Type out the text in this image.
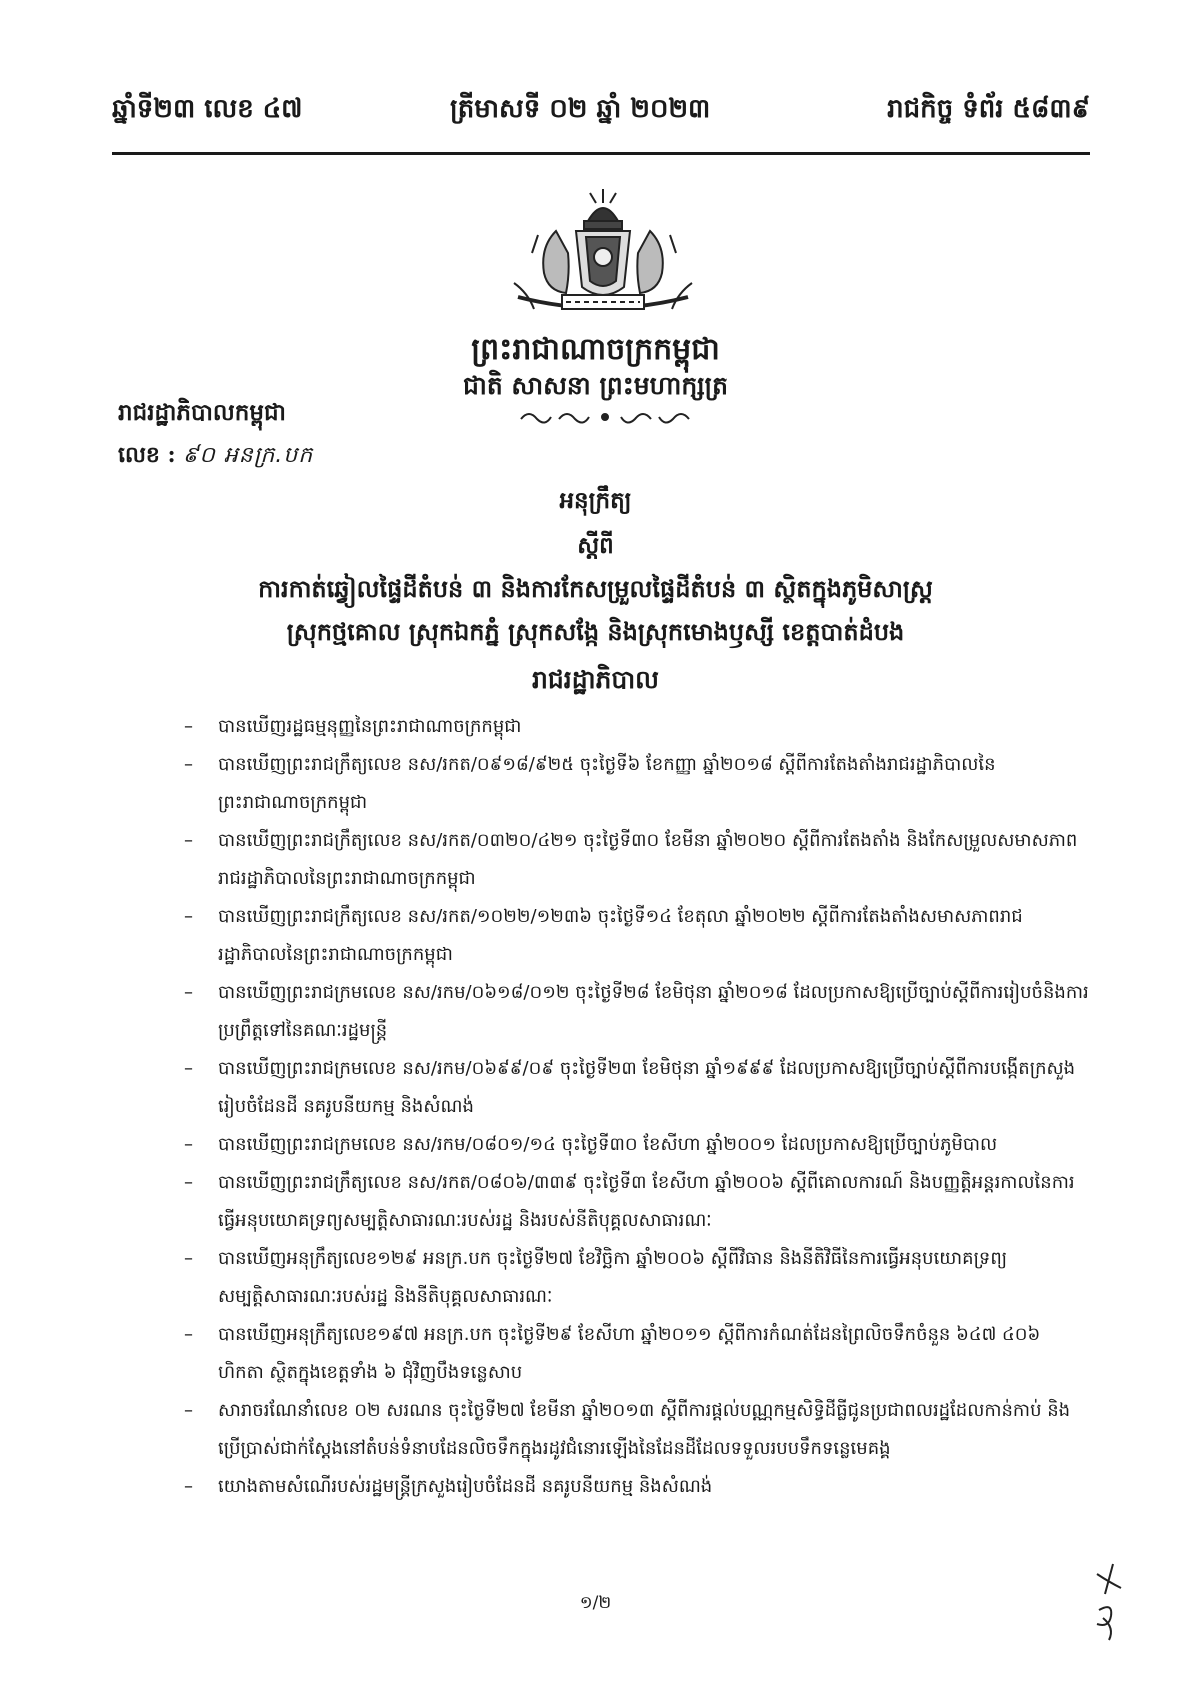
ឆ្នាំទី២៣ លេខ ៤៧	ត្រីមាសទី ០២ ឆ្នាំ ២០២៣	រាជកិច្ច ទំព័រ ៥៨៣៩
ព្រះរាជាណាចក្រកម្ពុជា
ជាតិ សាសនា ព្រះមហាក្សត្រ
រាជរដ្ឋាភិបាលកម្ពុជា
លេខ : ៩០ អនក្រ.បក
អនុក្រឹត្យ
ស្តីពី
ការកាត់ឆ្វៀលផ្ទៃដីតំបន់ ៣ និងការកែសម្រួលផ្ទៃដីតំបន់ ៣ ស្ថិតក្នុងភូមិសាស្ត្រ
ស្រុកថ្មគោល ស្រុកឯកភ្នំ ស្រុកសង្កែ និងស្រុកមោងឫស្សី ខេត្តបាត់ដំបង
រាជរដ្ឋាភិបាល
– បានឃើញរដ្ឋធម្មនុញ្ញនៃព្រះរាជាណាចក្រកម្ពុជា
– បានឃើញព្រះរាជក្រឹត្យលេខ នស/រកត/០៩១៨/៩២៥ ចុះថ្ងៃទី៦ ខែកញ្ញា ឆ្នាំ២០១៨ ស្តីពីការតែងតាំងរាជរដ្ឋាភិបាលនៃព្រះរាជាណាចក្រកម្ពុជា
– បានឃើញព្រះរាជក្រឹត្យលេខ នស/រកត/០៣២០/៤២១ ចុះថ្ងៃទី៣០ ខែមីនា ឆ្នាំ២០២០ ស្តីពីការតែងតាំង និងកែសម្រួលសមាសភាពរាជរដ្ឋាភិបាលនៃព្រះរាជាណាចក្រកម្ពុជា
– បានឃើញព្រះរាជក្រឹត្យលេខ នស/រកត/១០២២/១២៣៦ ចុះថ្ងៃទី១៤ ខែតុលា ឆ្នាំ២០២២ ស្តីពីការតែងតាំងសមាសភាពរាជរដ្ឋាភិបាលនៃព្រះរាជាណាចក្រកម្ពុជា
– បានឃើញព្រះរាជក្រមលេខ នស/រកម/០៦១៨/០១២ ចុះថ្ងៃទី២៨ ខែមិថុនា ឆ្នាំ២០១៨ ដែលប្រកាសឱ្យប្រើច្បាប់ស្តីពីការរៀបចំនិងការប្រព្រឹត្តទៅនៃគណៈរដ្ឋមន្ត្រី
– បានឃើញព្រះរាជក្រមលេខ នស/រកម/០៦៩៩/០៩ ចុះថ្ងៃទី២៣ ខែមិថុនា ឆ្នាំ១៩៩៩ ដែលប្រកាសឱ្យប្រើច្បាប់ស្តីពីការបង្កើតក្រសួងរៀបចំដែនដី នគរូបនីយកម្ម និងសំណង់
– បានឃើញព្រះរាជក្រមលេខ នស/រកម/០៨០១/១៤ ចុះថ្ងៃទី៣០ ខែសីហា ឆ្នាំ២០០១ ដែលប្រកាសឱ្យប្រើច្បាប់ភូមិបាល
– បានឃើញព្រះរាជក្រឹត្យលេខ នស/រកត/០៨០៦/៣៣៩ ចុះថ្ងៃទី៣ ខែសីហា ឆ្នាំ២០០៦ ស្តីពីគោលការណ៍ និងបញ្ញត្តិអន្តរកាលនៃការធ្វើអនុបយោគទ្រព្យសម្បត្តិសាធារណៈរបស់រដ្ឋ និងរបស់នីតិបុគ្គលសាធារណៈ
– បានឃើញអនុក្រឹត្យលេខ១២៩ អនក្រ.បក ចុះថ្ងៃទី២៧ ខែវិច្ឆិកា ឆ្នាំ២០០៦ ស្តីពីវិធាន និងនីតិវិធីនៃការធ្វើអនុបយោគទ្រព្យសម្បត្តិសាធារណៈរបស់រដ្ឋ និងនីតិបុគ្គលសាធារណៈ
– បានឃើញអនុក្រឹត្យលេខ១៩៧ អនក្រ.បក ចុះថ្ងៃទី២៩ ខែសីហា ឆ្នាំ២០១១ ស្តីពីការកំណត់ដែនព្រៃលិចទឹកចំនួន ៦៤៧ ៤០៦ ហិកតា ស្ថិតក្នុងខេត្តទាំង ៦ ជុំវិញបឹងទន្លេសាប
– សារាចរណែនាំលេខ ០២ សរណន ចុះថ្ងៃទី២៧ ខែមីនា ឆ្នាំ២០១៣ ស្តីពីការផ្តល់បណ្ណកម្មសិទ្ធិដីធ្លីជូនប្រជាពលរដ្ឋដែលកាន់កាប់ និងប្រើប្រាស់ជាក់ស្តែងនៅតំបន់ទំនាបដែនលិចទឹកក្នុងរដូវជំនោរឡើងនៃដែនដីដែលទទួលរបបទឹកទន្លេមេគង្គ
– យោងតាមសំណើរបស់រដ្ឋមន្ត្រីក្រសួងរៀបចំដែនដី នគរូបនីយកម្ម និងសំណង់
១/២
